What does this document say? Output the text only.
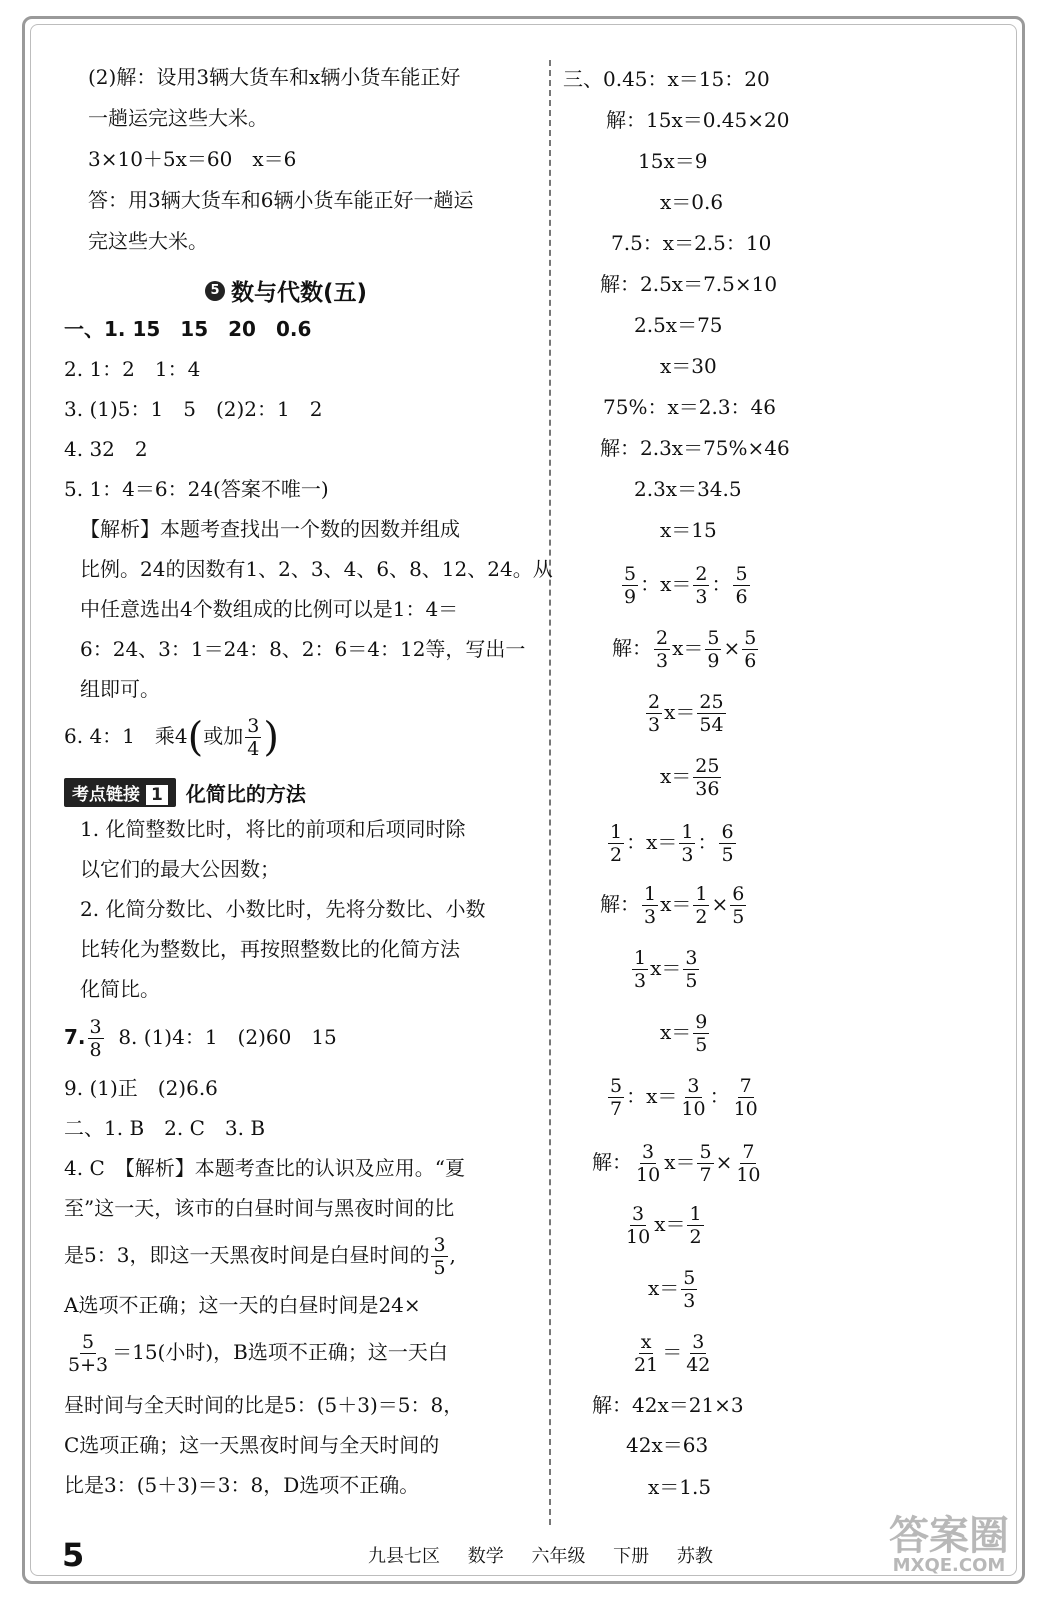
(2)解：设用3辆大货车和x辆小货车能正好
一趟运完这些大米。
3×10＋5x＝60　x＝6
答：用3辆大货车和6辆小货车能正好一趟运
完这些大米。
5 数与代数(五)
一、1. 15　15　20　0.6
2. 1：2　1：4
3. (1)5：1　5　(2)2：1　2
4. 32　2
5. 1：4＝6：24(答案不唯一)
【解析】本题考查找出一个数的因数并组成
比例。24的因数有1、2、3、4、6、8、12、24。从
中任意选出4个数组成的比例可以是1：4＝
6：24、3：1＝24：8、2：6＝4：12等，写出一
组即可。
6. 4：1　乘4(或加 $\frac{3}{4}$ )
考点链接 1	化简比的方法
1. 化简整数比时，将比的前项和后项同时除
以它们的最大公因数；
2. 化简分数比、小数比时，先将分数比、小数
比转化为整数比，再按照整数比的化简方法
化简比。
7. $\frac{3}{8} 8$. (1)4：1　(2)60　15
9. (1)正　(2)6.6
二、1. B　2. C　3. B
4. C　【解析】本题考查比的认识及应用。“夏
至”这一天，该市的白昼时间与黑夜时间的比
是5：3，即这一天黑夜时间是白昼时间的 $\frac{3}{5}$ ,
A选项不正确；这一天的白昼时间是24×
$\frac{5}{5+3} =15$(小时)，B选项不正确；这一天白
昼时间与全天时间的比是5：(5＋3)＝5：8，
C选项正确；这一天黑夜时间与全天时间的
比是3：(5＋3)＝3：8，D选项不正确。
三、0.45：x＝15：20
解：15x＝0.45×20
15x＝9
x＝0.6
7.5：x＝2.5：10
解：2.5x＝7.5×10
2.5x＝75
x＝30
75%：x＝2.3：46
解：2.3x＝75%×46
2.3x＝34.5
x＝15
$\frac{5}{9}$ ：$x= \frac{2}{3}$ ： $\frac{5}{6}$
解： $\frac{2}{3} x= \frac{5}{9} \times \frac{5}{6}$
$\frac{2}{3} x= \frac{25}{54}$
$x= \frac{25}{36}$
$\frac{1}{2}$ ：$x= \frac{1}{3}$ ： $\frac{6}{5}$
解： $\frac{1}{3} x= \frac{1}{2} \times \frac{6}{5}$
$\frac{1}{3} x= \frac{3}{5}$
$x= \frac{9}{5}$
$\frac{5}{7}$ ：$x= \frac{3}{10}$ ： $\frac{7}{10}$
解： $\frac{3}{10} x= \frac{5}{7} \times \frac{7}{10}$
$\frac{3}{10} x= \frac{1}{2}$
$x= \frac{5}{3}$
$\frac{x}{21} = \frac{3}{42}$
解：42x＝21×3
42x＝63
x＝1.5
5	九县七区 数学 六年级 下册 苏教	答案圈
MXQE.COM
